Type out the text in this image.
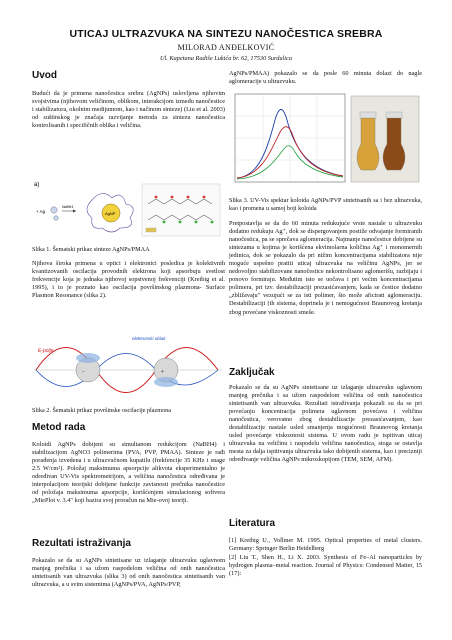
UTICAJ ULTRAZVUKA NA SINTEZU NANOČESTICA SREBRA
MILORAD ANĐELKOVIĆ
Ul. Kapetana Radiše Lukića br. 62, 17530 Surdulica
Uvod

Budući da je primena nanočestica srebra (AgNPs) uslovljena njihovim svojstvima (njihovom veličinom, oblikom, interakcijom između nanočestice i stabilizatora, okolnim medijumom, kao i načinom sinteze) (Liu et al. 2003) od suštinskog je značaja razvijanje metoda za sintezu nanočestica kontrolisanih i specifičnih oblika i veličina.

a)
+ Ag
NaBH4
AgNP

Slika 1. Šematski prikaz sinteze AgNPs/PMAA

Njihova široka primena u optici i elektronici posledica je kolektivnih kvantizovanih oscilacija provodnih elektrona koji apsorbuju svetlost frekvencije koja je jednaka njihovoj sopstvenoj frekvenciji (Kreibig et al. 1995), i to je poznato kao oscilacija površinskog plazmona- Surface Plasmon Resonance (slika 2).

E-polje
−	+
elektronski oblak

Slika 2. Šematski prikaz površinske oscilacije plazmona

Metod rada

Koloidi AgNPs dobijeni su simultanom redukcijom (NaBH4) i stabilizacijom AgNO3 polimerima (PVA, PVP, PMAA). Sinteze je rađi porađenja izvedena i u ultrazvučnom kupatilu (frekfencije 35 KHz i snage 2.5 W/cm²). Položaj maksimuma apsorpcije alikvota eksperimentalno je određivan UV-Vis spektrometrijom, a veličina nanočestica određivana je interpolacijom teorijski dobijene funkcije zavisnosti prečnika nanočestice od položaja maksimuma apsorpcije, korišćenjem simulacionog softvera „MiePlot v. 3.4" koji bazira svoj proračun na Mie-ovoj teoriji.

Rezultati istraživanja

Pokazalo se da su AgNPs sintetisane uz izlaganje ultrazvuku uglavnom manjeg prečnika i sa užom raspodelom veličina od onih nanočestica sintetisanih van ultrazvuka (slika 3) od onih nanočestica sintetisanih van ultrazvuka, a u svim sistemima (AgNPs/PVA, AgNPs/PVP,

AgNPs/PMAA) pokazalo se da posle 60 minuta dolazi do nagle aglomeracije u ultrazvuku.

Slika 3. UV-Vis spektar koloida AgNPs/PVP sintetisanih sa i bez ultrazvuka, kao i promena u samoj boji koloida

Pretpostavlja se da do 60 minuta redukujuće vrste nastale u ultrazvuku dodatno redukuju Ag⁺, dok se dispergovanjem postiže odvajanje formiranih nanočestica, pa se sprečava aglomeracija. Najmanje nanočestice dobijene su sintezama u kojima je korišćena ekvimolarna količina Ag⁺ i monomernih jedinica, dok se pokazalo da pri nižim koncentracijama stabilizatora nije moguće uspešno pratiti uticaj ultrazvuka na veličinu AgNPs, jer se nedovoljno stabilizovane nanočestice nekontrolisano aglomerišu, razbijaju i ponovo formiraju. Međutim isto se uočava i pri većim koncentracijama polimera, pri tzv. destabilizaciji prezasićavanjem, kada se čestice dodatno „zbližavaju" vezujući se za isti polimer, što može aficirati aglomeraciju. Destabilizaciji (th sistema, doprinela je i nemogućnost Braunovog kretanja zbog povećane viskoznosti smeše.

Zaključak

Pokazalo se da su AgNPs sintetisane uz izlaganje ultrazvuku uglavnom manjeg prečnika i sa užom raspodelom veličina od onih nanočestica sintetisanih van ultrazvuka. Rezultati istraživanja pokazali su da se pri povećanju koncentracija polimera uglavnom povećava i veličina nanočestica, verovatno zbog destabilizacije prezasićavanjem, kao destabilizacije nastale usled smanjenja mogućnosti Braunovog kretanja usled povećanje viskoznosti sistema. U ovom radu je ispitivan uticaj ultrazvuka na veličinu i raspodelu veličina nanočestica, stoga se ostavlja mesta za dalja ispitivanja ultrazvuka tako dobijenih sistema, kao i precizniji određivanje veličina AgNPs mikroskopijom (TEM, SEM, AFM).

Literatura

[1] Kreibig U., Vollmer M. 1995. Optical properties of metal clusters. Germany: Springer Berlin Heidelberg

[2] Liu T., Shen H., Li X. 2003. Synthesis of Fe–Al nanoparticles by hydrogen plasma–metal reaction. Journal of Physics: Condensed Matter, 15 (17):
